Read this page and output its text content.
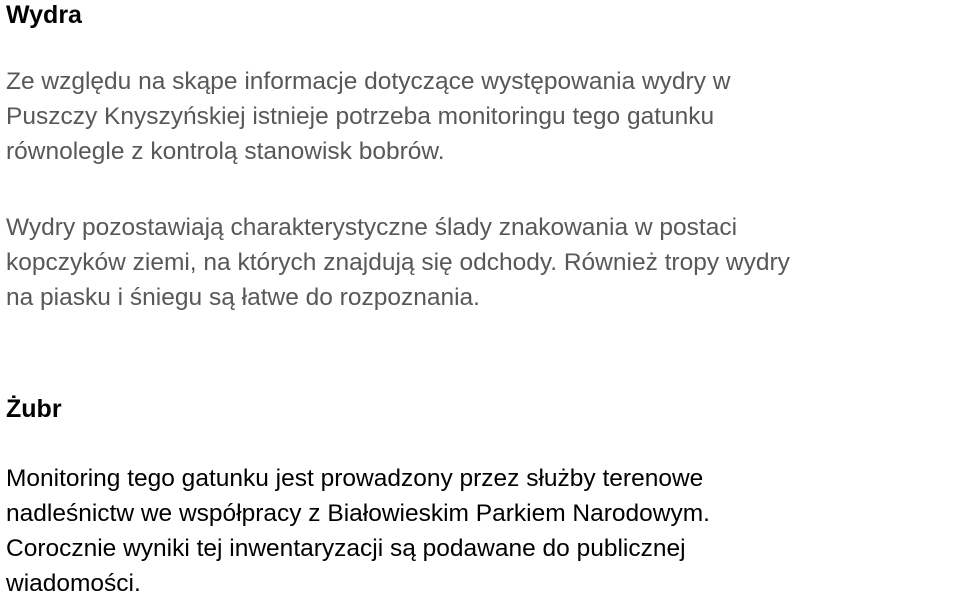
Wydra

Ze względu na skąpe informacje dotyczące występowania wydry w
Puszczy Knyszyńskiej istnieje potrzeba monitoringu tego gatunku
równolegle z kontrolą stanowisk bobrów.

Wydry pozostawiają charakterystyczne ślady znakowania w postaci
kopczyków ziemi, na których znajdują się odchody. Również tropy wydry
na piasku i śniegu są łatwe do rozpoznania.

Żubr

Monitoring tego gatunku jest prowadzony przez służby terenowe
nadleśnictw we współpracy z Białowieskim Parkiem Narodowym.
Corocznie wyniki tej inwentaryzacji są podawane do publicznej
wiadomości.
